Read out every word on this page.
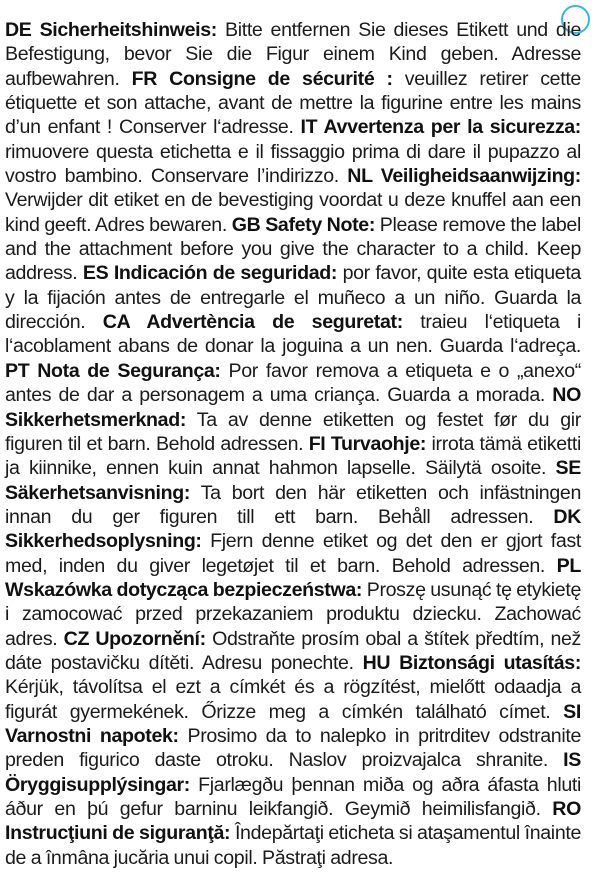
DE Sicherheitshinweis: Bitte entfernen Sie dieses Etikett und die Befestigung, bevor Sie die Figur einem Kind geben. Adresse aufbewahren. FR Consigne de sécurité : veuillez retirer cette étiquette et son attache, avant de mettre la figurine entre les mains d’un enfant ! Conserver l‘adresse. IT Avvertenza per la sicurezza: rimuovere questa etichetta e il fissaggio prima di dare il pupazzo al vostro bambino. Conservare l’indirizzo. NL Veiligheidsaanwijzing: Verwijder dit etiket en de bevestiging voordat u deze knuffel aan een kind geeft. Adres bewaren. GB Safety Note: Please remove the label and the attachment before you give the character to a child. Keep address. ES Indicación de seguridad: por favor, quite esta etiqueta y la fijación antes de entregarle el muñeco a un niño. Guarda la dirección. CA Advertència de seguretat: traieu l‘etiqueta i l‘acoblament abans de donar la joguina a un nen. Guarda l‘adreça. PT Nota de Segurança: Por favor remova a etiqueta e o „anexo“ antes de dar a personagem a uma criança. Guarda a morada. NO Sikkerhetsmerknad: Ta av denne etiketten og festet før du gir figuren til et barn. Behold adressen. FI Turvaohje: irrota tämä etiketti ja kiinnike, ennen kuin annat hahmon lapselle. Säilytä osoite. SE Säkerhetsanvisning: Ta bort den här etiketten och infästningen innan du ger figuren till ett barn. Behåll adressen. DK Sikkerhedsoplysning: Fjern denne etiket og det den er gjort fast med, inden du giver legetøjet til et barn. Behold adressen. PL Wskazówka dotycząca bezpieczeństwa: Proszę usunąć tę etykietę i zamocować przed przekazaniem produktu dziecku. Zachować adres. CZ Upozornění: Odstraňte prosím obal a štítek předtím, než dáte postavičku dítěti. Adresu ponechte. HU Biztonsági utasítás: Kérjük, távolítsa el ezt a címkét és a rögzítést, mielőtt odaadja a figurát gyermekének. Őrizze meg a címkén található címet. SI Varnostni napotek: Prosimo da to nalepko in pritrditev odstranite preden figurico daste otroku. Naslov proizvajalca shranite. IS Öryggisupplýsingar: Fjarlægðu þennan miða og aðra áfasta hluti áður en þú gefur barninu leikfangið. Geymið heimilisfangið. RO Instrucţiuni de siguranţă: Îndepărtaţi eticheta si ataşamentul înainte de a înmâna jucăria unui copil. Păstraţi adresa.
